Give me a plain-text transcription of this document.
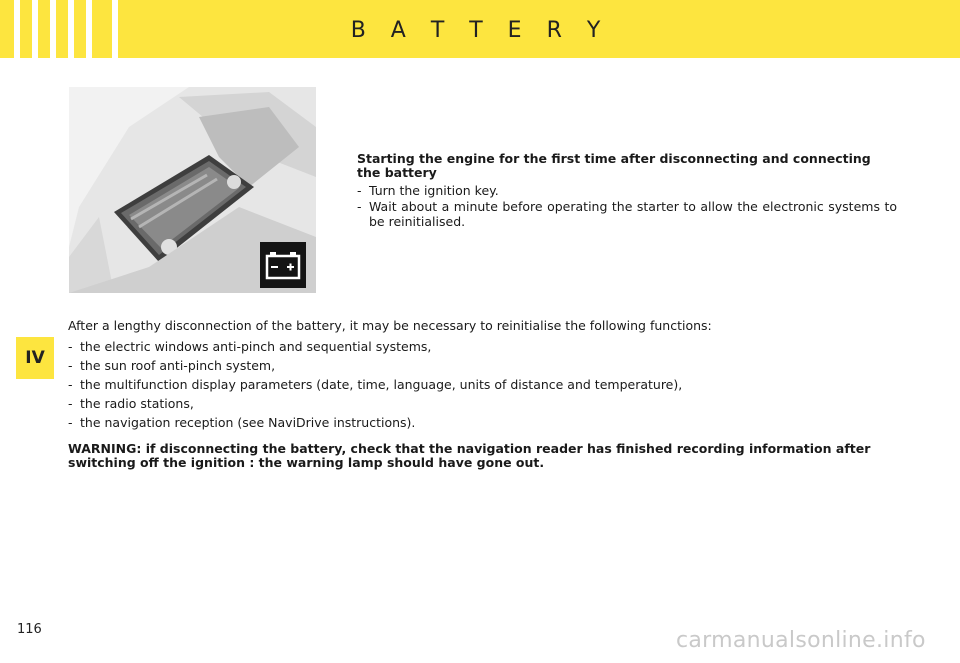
B A T T E R Y
IV
Starting the engine for the first time after disconnecting and connecting the battery
- Turn the ignition key.
- Wait about a minute before operating the starter to allow the electronic systems to be reinitialised.
After a lengthy disconnection of the battery, it may be necessary to reinitialise the following functions:
- the electric windows anti-pinch and sequential systems,
- the sun roof anti-pinch system,
- the multifunction display parameters (date, time, language, units of distance and temperature),
- the radio stations,
- the navigation reception (see NaviDrive instructions).
WARNING: if disconnecting the battery, check that the navigation reader has finished recording information after switching off the ignition : the warning lamp should have gone out.
116	carmanualsonline.info
